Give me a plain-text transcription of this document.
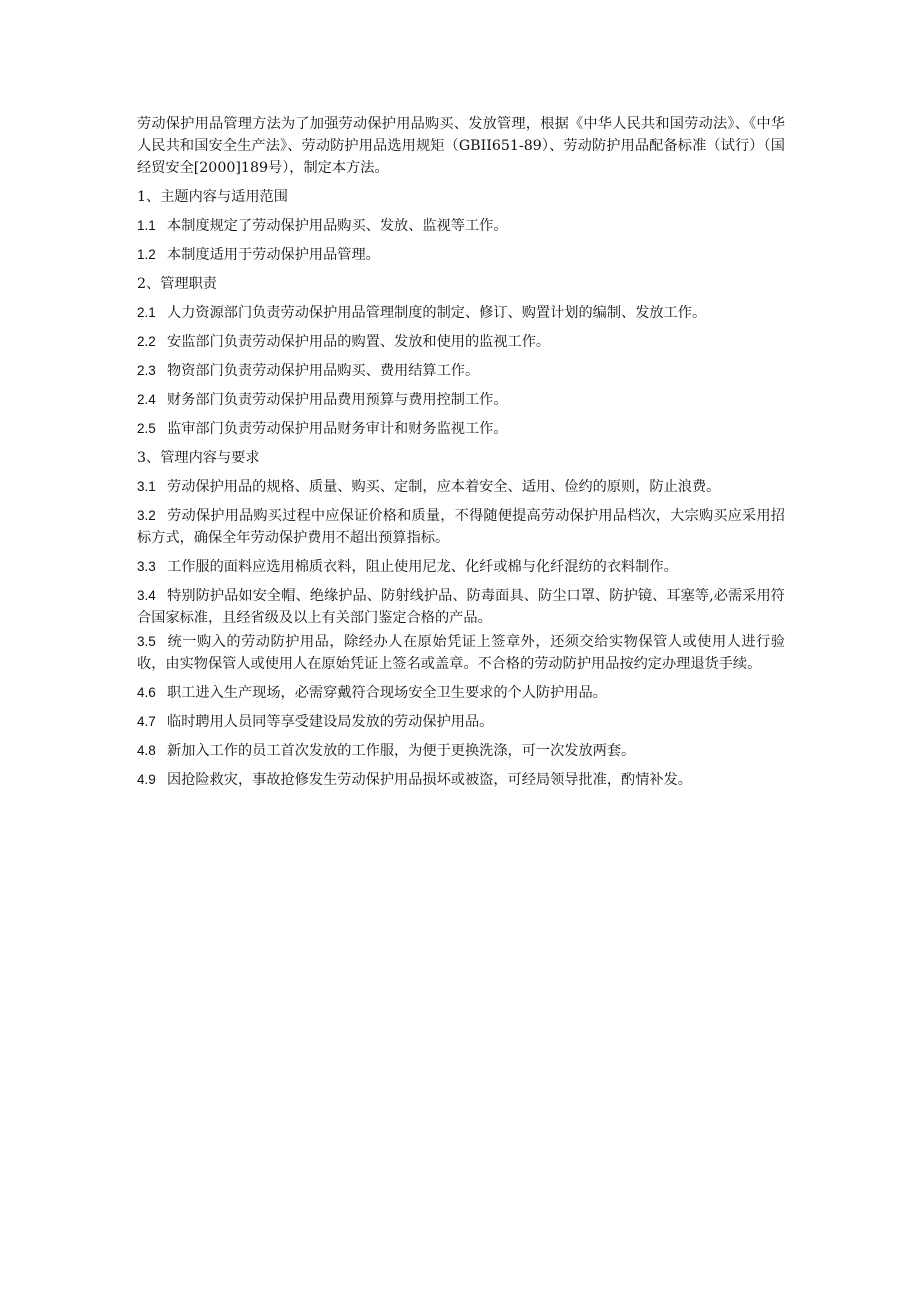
劳动保护用品管理方法为了加强劳动保护用品购买、发放管理，根据《中华人民共和国劳动法》、《中华人民共和国安全生产法》、劳动防护用品选用规矩（GBII651-89）、劳动防护用品配备标准（试行）（国经贸安全[2000]189号），制定本方法。

1、主题内容与适用范围
1.1 本制度规定了劳动保护用品购买、发放、监视等工作。
1.2 本制度适用于劳动保护用品管理。
2、管理职责
2.1 人力资源部门负责劳动保护用品管理制度的制定、修订、购置计划的编制、发放工作。
2.2 安监部门负责劳动保护用品的购置、发放和使用的监视工作。
2.3 物资部门负责劳动保护用品购买、费用结算工作。
2.4 财务部门负责劳动保护用品费用预算与费用控制工作。
2.5 监审部门负责劳动保护用品财务审计和财务监视工作。
3、管理内容与要求
3.1 劳动保护用品的规格、质量、购买、定制，应本着安全、适用、俭约的原则，防止浪费。
3.2 劳动保护用品购买过程中应保证价格和质量，不得随便提高劳动保护用品档次，大宗购买应采用招标方式，确保全年劳动保护费用不超出预算指标。
3.3 工作服的面料应选用棉质衣料，阻止使用尼龙、化纤或棉与化纤混纺的衣料制作。
3.4 特别防护品如安全帽、绝缘护品、防射线护品、防毒面具、防尘口罩、防护镜、耳塞等,必需采用符合国家标准，且经省级及以上有关部门鉴定合格的产品。
3.5 统一购入的劳动防护用品，除经办人在原始凭证上签章外，还须交给实物保管人或使用人进行验收，由实物保管人或使用人在原始凭证上签名或盖章。不合格的劳动防护用品按约定办理退货手续。
4.6 职工进入生产现场，必需穿戴符合现场安全卫生要求的个人防护用品。
4.7 临时聘用人员同等享受建设局发放的劳动保护用品。
4.8 新加入工作的员工首次发放的工作服，为便于更换洗涤，可一次发放两套。
4.9 因抢险救灾，事故抢修发生劳动保护用品损坏或被盗，可经局领导批准，酌情补发。
